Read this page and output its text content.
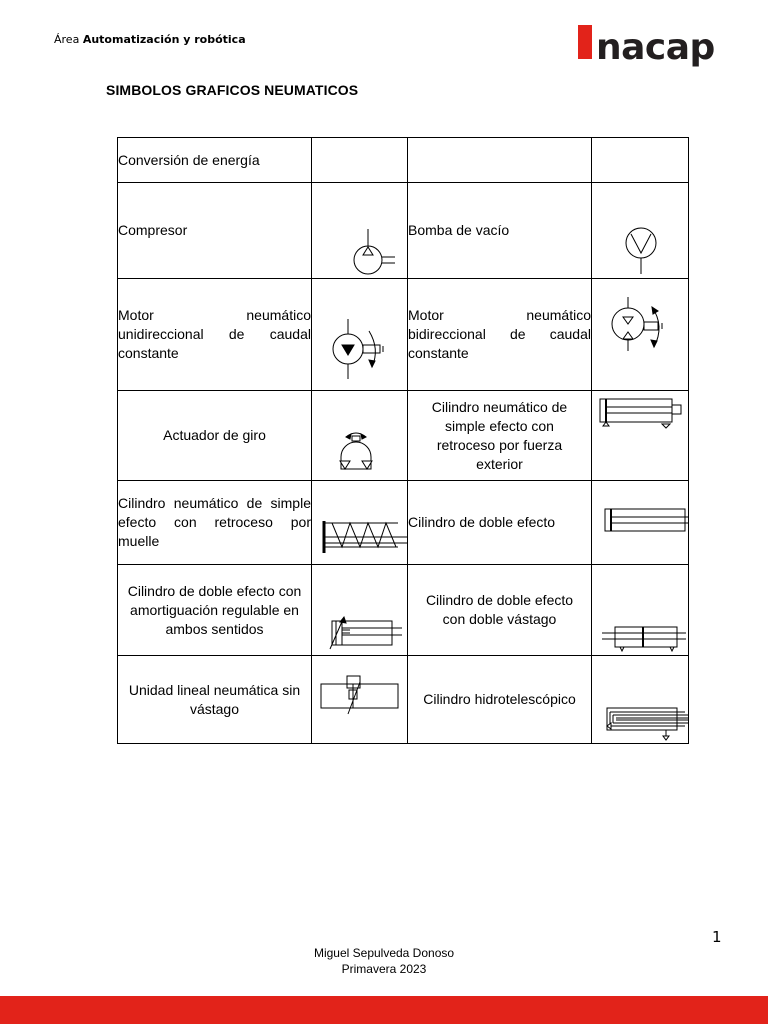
Área Automatización y robótica	nacap
SIMBOLOS GRAFICOS NEUMATICOS
Conversión de energía			
Compresor		Bomba de vacío	

Motor neumático unidireccional de caudal constante		Motor neumático bidireccional de caudal constante	

Actuador de giro		Cilindro neumático de simple efecto con retroceso por fuerza exterior	

Cilindro neumático de simple efecto con retroceso por muelle		Cilindro de doble efecto	

Cilindro de doble efecto con amortiguación regulable en ambos sentidos		Cilindro de doble efecto con doble vástago	

Unidad lineal neumática sin vástago		Cilindro hidrotelescópico	
1
Miguel Sepulveda Donoso
Primavera 2023
